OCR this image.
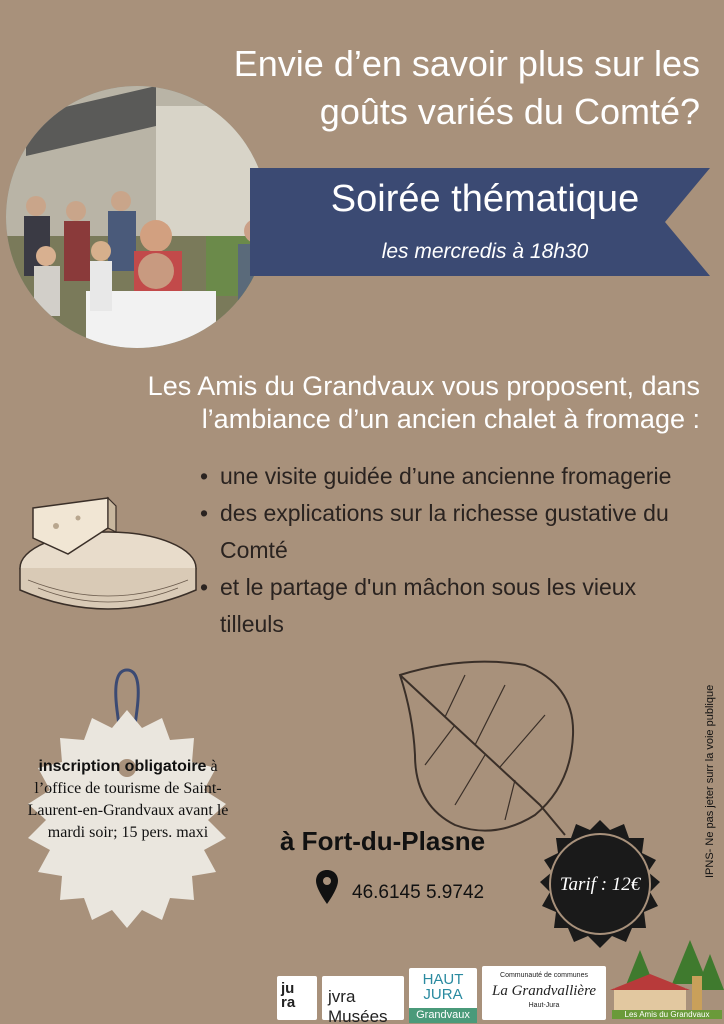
Envie d’en savoir plus sur les
goûts variés du Comté?
Soirée thématique
les mercredis à 18h30
Les Amis du Grandvaux vous proposent, dans
l’ambiance d’un ancien chalet à fromage :
• une visite guidée d’une ancienne fromagerie
• des explications sur la richesse gustative du Comté
• et le partage d'un mâchon sous les vieux tilleuls
inscription obligatoire à l’office de tourisme de Saint-Laurent-en-Grandvaux avant le mardi soir; 15 pers. maxi	à Fort-du-Plasne
46.6145 5.9742	Tarif : 12€
IPNS- Ne pas jeter surr la voie publique
ju
ra	jvra Musées
HAUT
JURA
Grandvaux
Communauté de communes
La Grandvallière
Haut-Jura
Les Amis du Grandvaux
